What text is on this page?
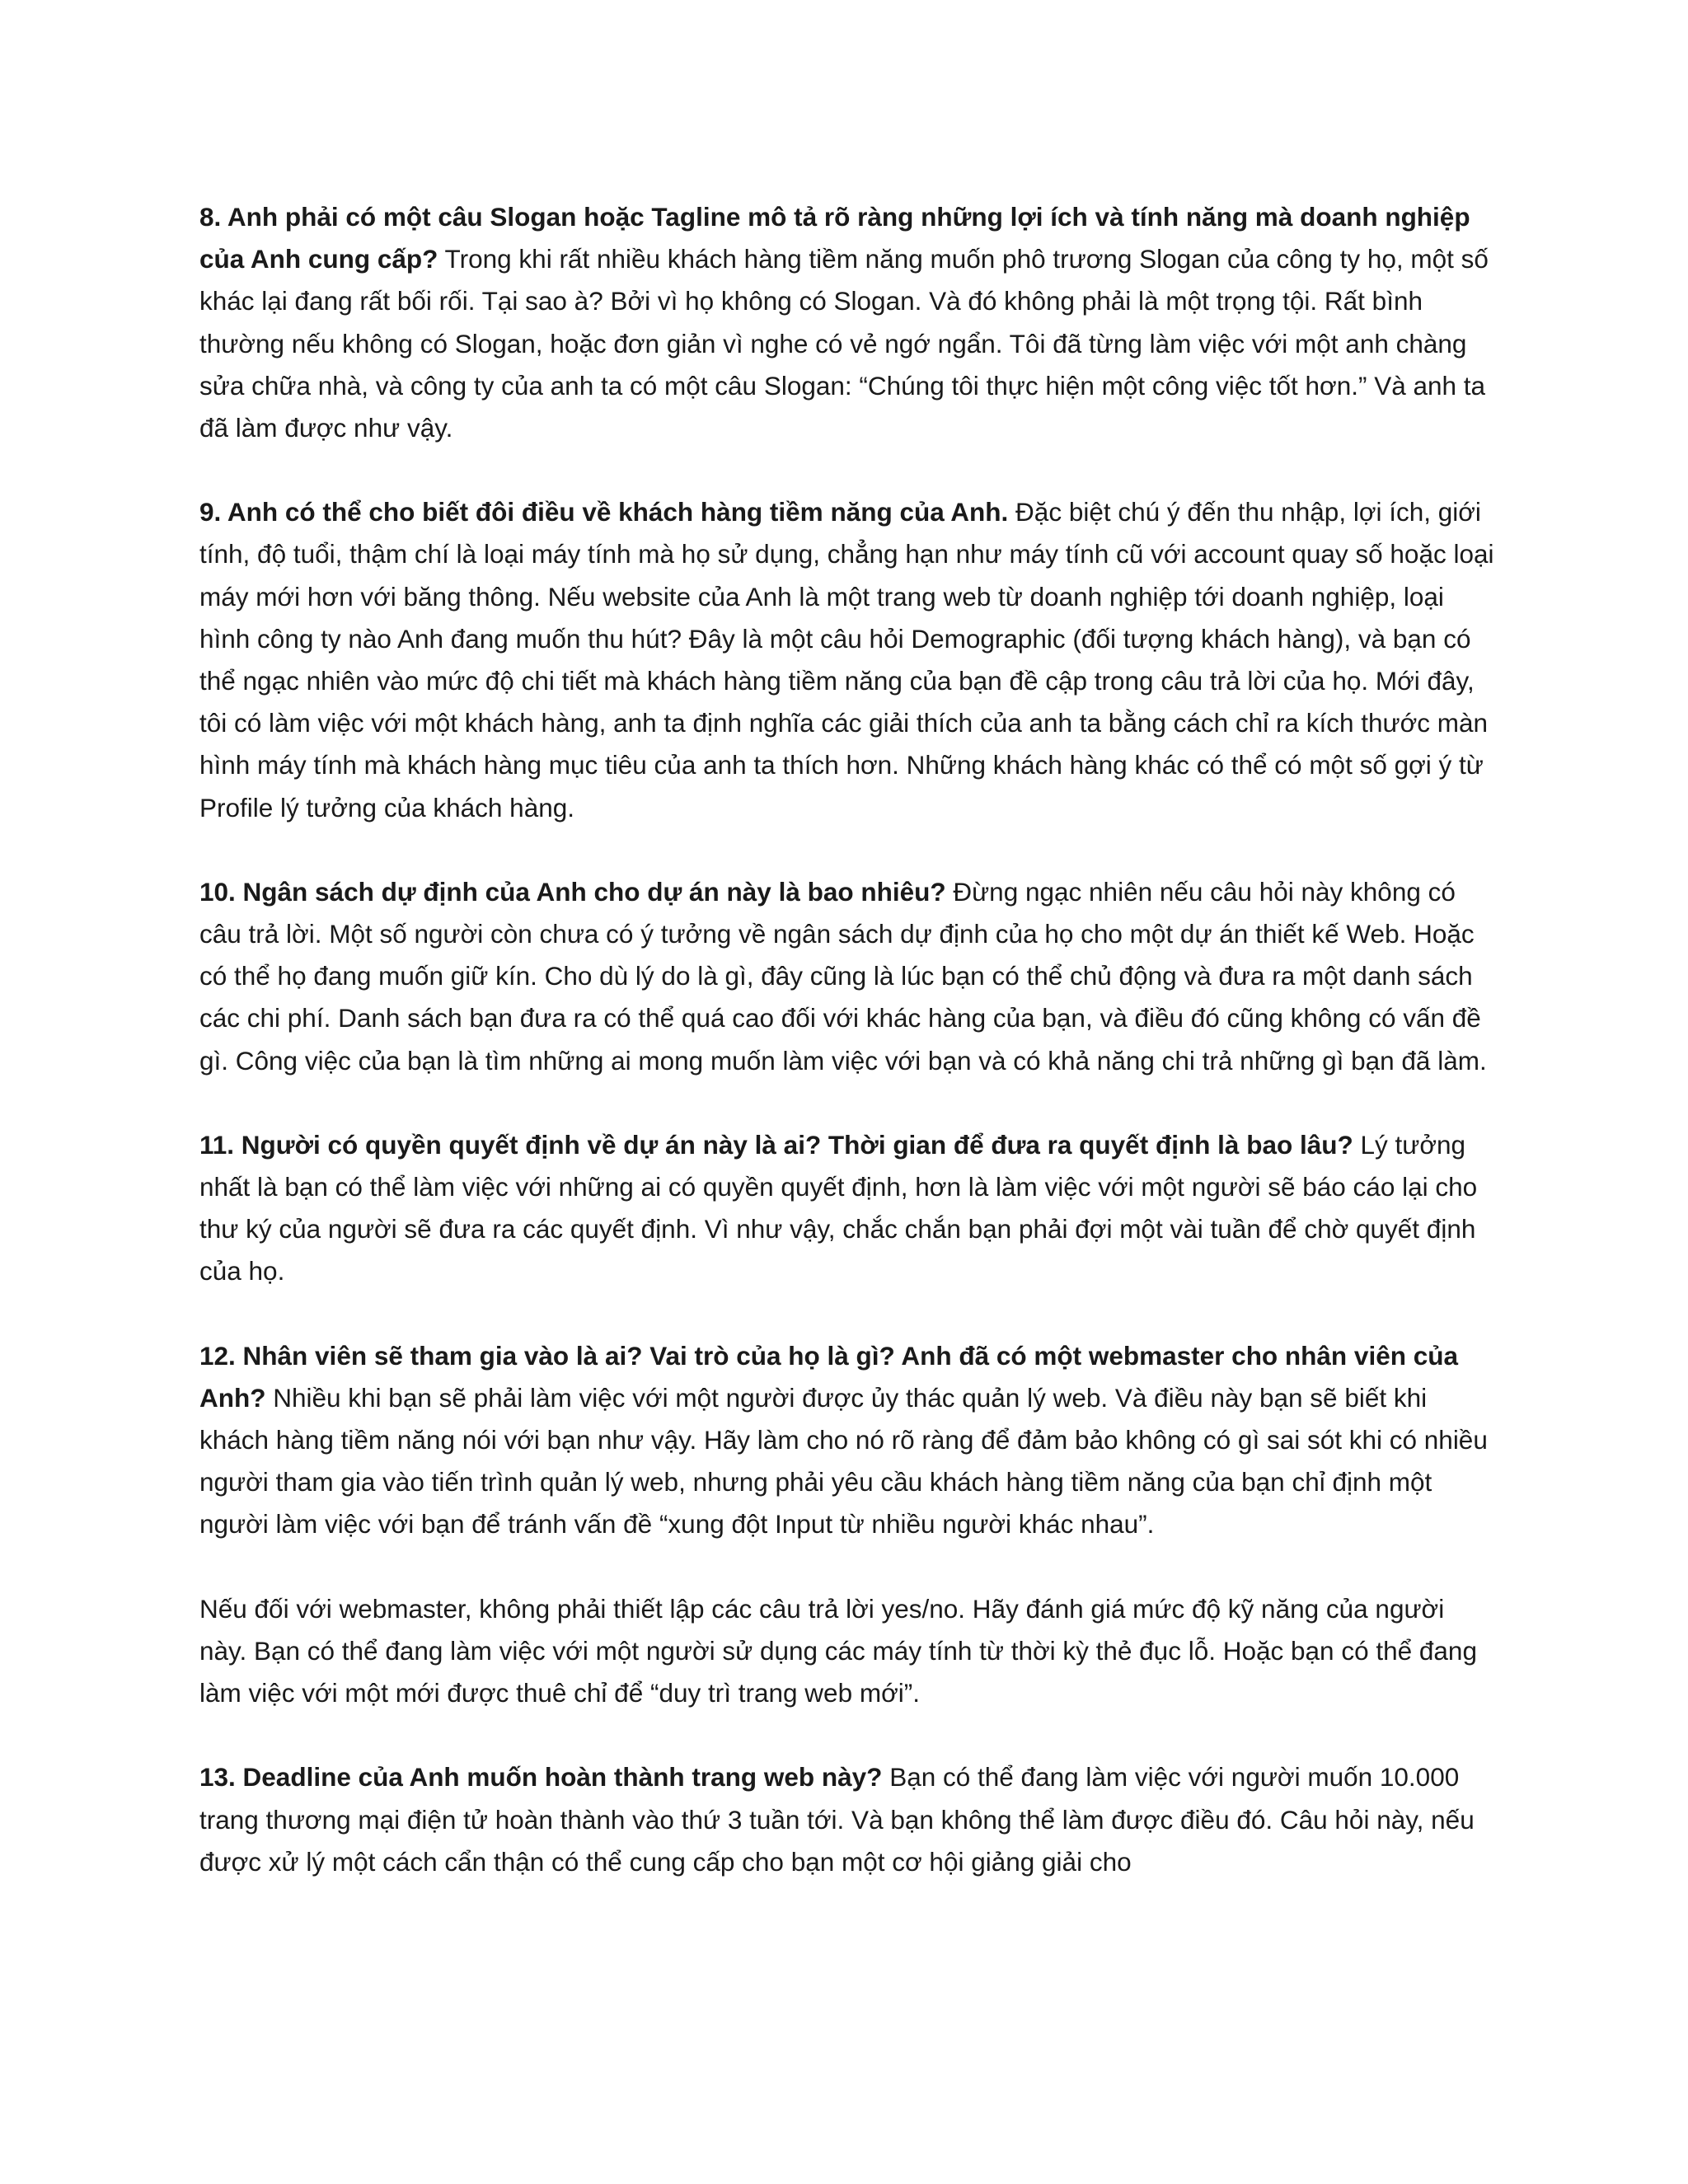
8. Anh phải có một câu Slogan hoặc Tagline mô tả rõ ràng những lợi ích và tính năng mà doanh nghiệp của Anh cung cấp? Trong khi rất nhiều khách hàng tiềm năng muốn phô trương Slogan của công ty họ, một số khác lại đang rất bối rối. Tại sao à? Bởi vì họ không có Slogan. Và đó không phải là một trọng tội. Rất bình thường nếu không có Slogan, hoặc đơn giản vì nghe có vẻ ngớ ngẩn. Tôi đã từng làm việc với một anh chàng sửa chữa nhà, và công ty của anh ta có một câu Slogan: “Chúng tôi thực hiện một công việc tốt hơn.” Và anh ta đã làm được như vậy.

9. Anh có thể cho biết đôi điều về khách hàng tiềm năng của Anh. Đặc biệt chú ý đến thu nhập, lợi ích, giới tính, độ tuổi, thậm chí là loại máy tính mà họ sử dụng, chẳng hạn như máy tính cũ với account quay số hoặc loại máy mới hơn với băng thông. Nếu website của Anh là một trang web từ doanh nghiệp tới doanh nghiệp, loại hình công ty nào Anh đang muốn thu hút? Đây là một câu hỏi Demographic (đối tượng khách hàng), và bạn có thể ngạc nhiên vào mức độ chi tiết mà khách hàng tiềm năng của bạn đề cập trong câu trả lời của họ. Mới đây, tôi có làm việc với một khách hàng, anh ta định nghĩa các giải thích của anh ta bằng cách chỉ ra kích thước màn hình máy tính mà khách hàng mục tiêu của anh ta thích hơn. Những khách hàng khác có thể có một số gợi ý từ Profile lý tưởng của khách hàng.

10. Ngân sách dự định của Anh cho dự án này là bao nhiêu? Đừng ngạc nhiên nếu câu hỏi này không có câu trả lời. Một số người còn chưa có ý tưởng về ngân sách dự định của họ cho một dự án thiết kế Web. Hoặc có thể họ đang muốn giữ kín. Cho dù lý do là gì, đây cũng là lúc bạn có thể chủ động và đưa ra một danh sách các chi phí. Danh sách bạn đưa ra có thể quá cao đối với khác hàng của bạn, và điều đó cũng không có vấn đề gì. Công việc của bạn là tìm những ai mong muốn làm việc với bạn và có khả năng chi trả những gì bạn đã làm.

11. Người có quyền quyết định về dự án này là ai? Thời gian để đưa ra quyết định là bao lâu? Lý tưởng nhất là bạn có thể làm việc với những ai có quyền quyết định, hơn là làm việc với một người sẽ báo cáo lại cho thư ký của người sẽ đưa ra các quyết định. Vì như vậy, chắc chắn bạn phải đợi một vài tuần để chờ quyết định của họ.

12. Nhân viên sẽ tham gia vào là ai? Vai trò của họ là gì? Anh đã có một webmaster cho nhân viên của Anh? Nhiều khi bạn sẽ phải làm việc với một người được ủy thác quản lý web. Và điều này bạn sẽ biết khi khách hàng tiềm năng nói với bạn như vậy. Hãy làm cho nó rõ ràng để đảm bảo không có gì sai sót khi có nhiều người tham gia vào tiến trình quản lý web, nhưng phải yêu cầu khách hàng tiềm năng của bạn chỉ định một người làm việc với bạn để tránh vấn đề “xung đột Input từ nhiều người khác nhau”.

Nếu đối với webmaster, không phải thiết lập các câu trả lời yes/no. Hãy đánh giá mức độ kỹ năng của người này. Bạn có thể đang làm việc với một người sử dụng các máy tính từ thời kỳ thẻ đục lỗ. Hoặc bạn có thể đang làm việc với một mới được thuê chỉ để “duy trì trang web mới”.

13. Deadline của Anh muốn hoàn thành trang web này? Bạn có thể đang làm việc với người muốn 10.000 trang thương mại điện tử hoàn thành vào thứ 3 tuần tới. Và bạn không thể làm được điều đó. Câu hỏi này, nếu được xử lý một cách cẩn thận có thể cung cấp cho bạn một cơ hội giảng giải cho
